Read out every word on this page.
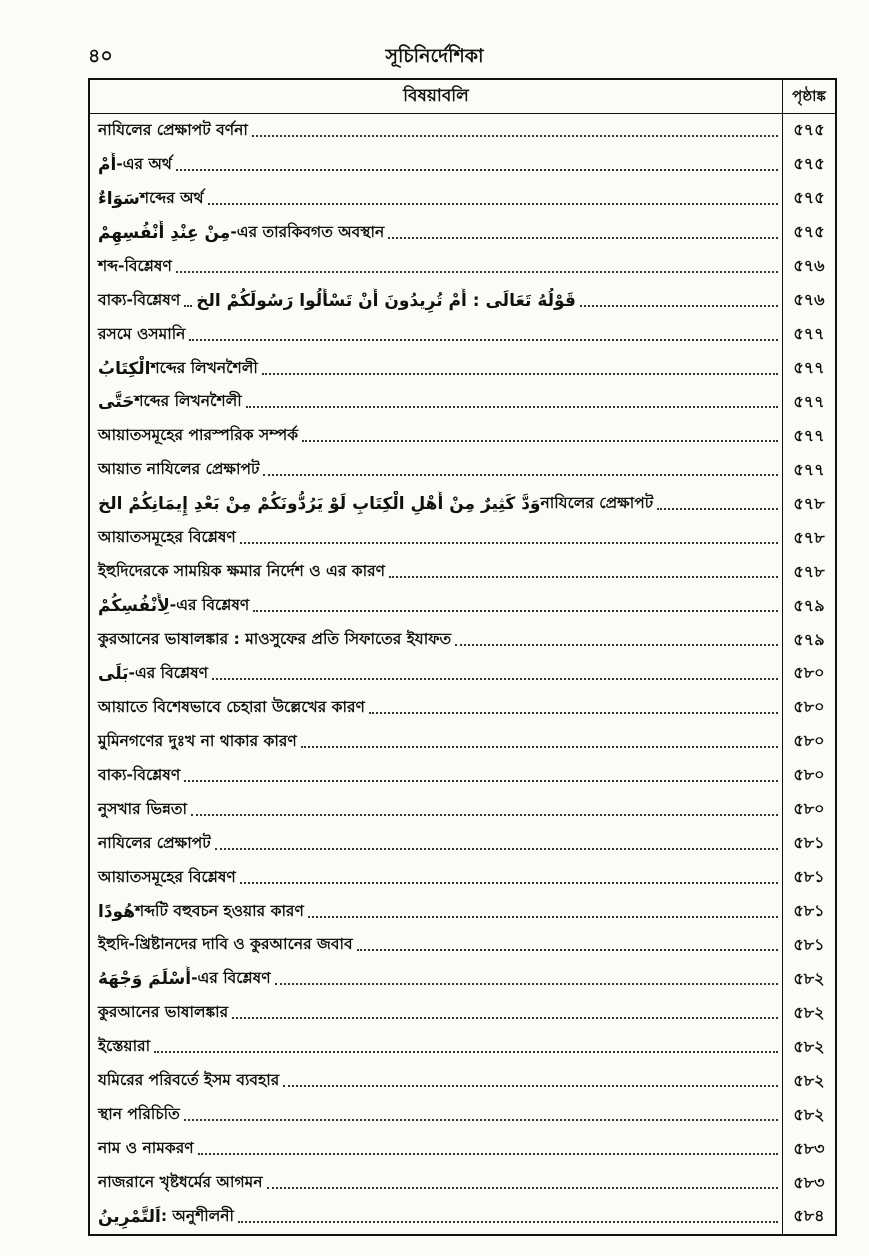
৪০	সূচিনির্দেশিকা
বিষয়াবলি	পৃষ্ঠাঙ্ক
নাযিলের প্রেক্ষাপট বর্ণনা	৫৭৫
أَمْ -এর অর্থ	৫৭৫
سَوَاءٌ শব্দের অর্থ	৫৭৫
مِنْ عِنْدِ أَنْفُسِهِمْ -এর তারকিবগত অবস্থান	৫৭৫
শব্দ-বিশ্লেষণ	৫৭৬
বাক্য-বিশ্লেষণ قَوْلُهُ تَعَالَى : أَمْ تُرِيدُونَ أَنْ تَسْأَلُوا رَسُولَكُمْ الخ	৫৭৬
রসমে ওসমানি	৫৭৭
الْكِتَابُ শব্দের লিখনশৈলী	৫৭৭
حَتَّى শব্দের লিখনশৈলী	৫৭৭
আয়াতসমূহের পারস্পরিক সম্পর্ক	৫৭৭
আয়াত নাযিলের প্রেক্ষাপট	৫৭৭
وَدَّ كَثِيرٌ مِنْ أَهْلِ الْكِتَابِ لَوْ يَرُدُّونَكُمْ مِنْ بَعْدِ إِيمَانِكُمْ الخ নাযিলের প্রেক্ষাপট	৫৭৮
আয়াতসমূহের বিশ্লেষণ	৫৭৮
ইহুদিদেরকে সাময়িক ক্ষমার নির্দেশ ও এর কারণ	৫৭৮
لِأَنْفُسِكُمْ -এর বিশ্লেষণ	৫৭৯
কুরআনের ভাষালঙ্কার : মাওসুফের প্রতি সিফাতের ইযাফত	৫৭৯
بَلَى -এর বিশ্লেষণ	৫৮০
আয়াতে বিশেষভাবে চেহারা উল্লেখের কারণ	৫৮০
মুমিনগণের দুঃখ না থাকার কারণ	৫৮০
বাক্য-বিশ্লেষণ	৫৮০
নুসখার ভিন্নতা	৫৮০
নাযিলের প্রেক্ষাপট	৫৮১
আয়াতসমূহের বিশ্লেষণ	৫৮১
هُودًا শব্দটি বহুবচন হওয়ার কারণ	৫৮১
ইহুদি-খ্রিষ্টানদের দাবি ও কুরআনের জবাব	৫৮১
أَسْلَمَ وَجْهَهُ -এর বিশ্লেষণ	৫৮২
কুরআনের ভাষালঙ্কার	৫৮২
ইস্তেয়ারা	৫৮২
যমিরের পরিবর্তে ইসম ব্যবহার	৫৮২
স্থান পরিচিতি	৫৮২
নাম ও নামকরণ	৫৮৩
নাজরানে খৃষ্টধর্মের আগমন	৫৮৩
اَلتَّمْرِينُ : অনুশীলনী	৫৮৪
